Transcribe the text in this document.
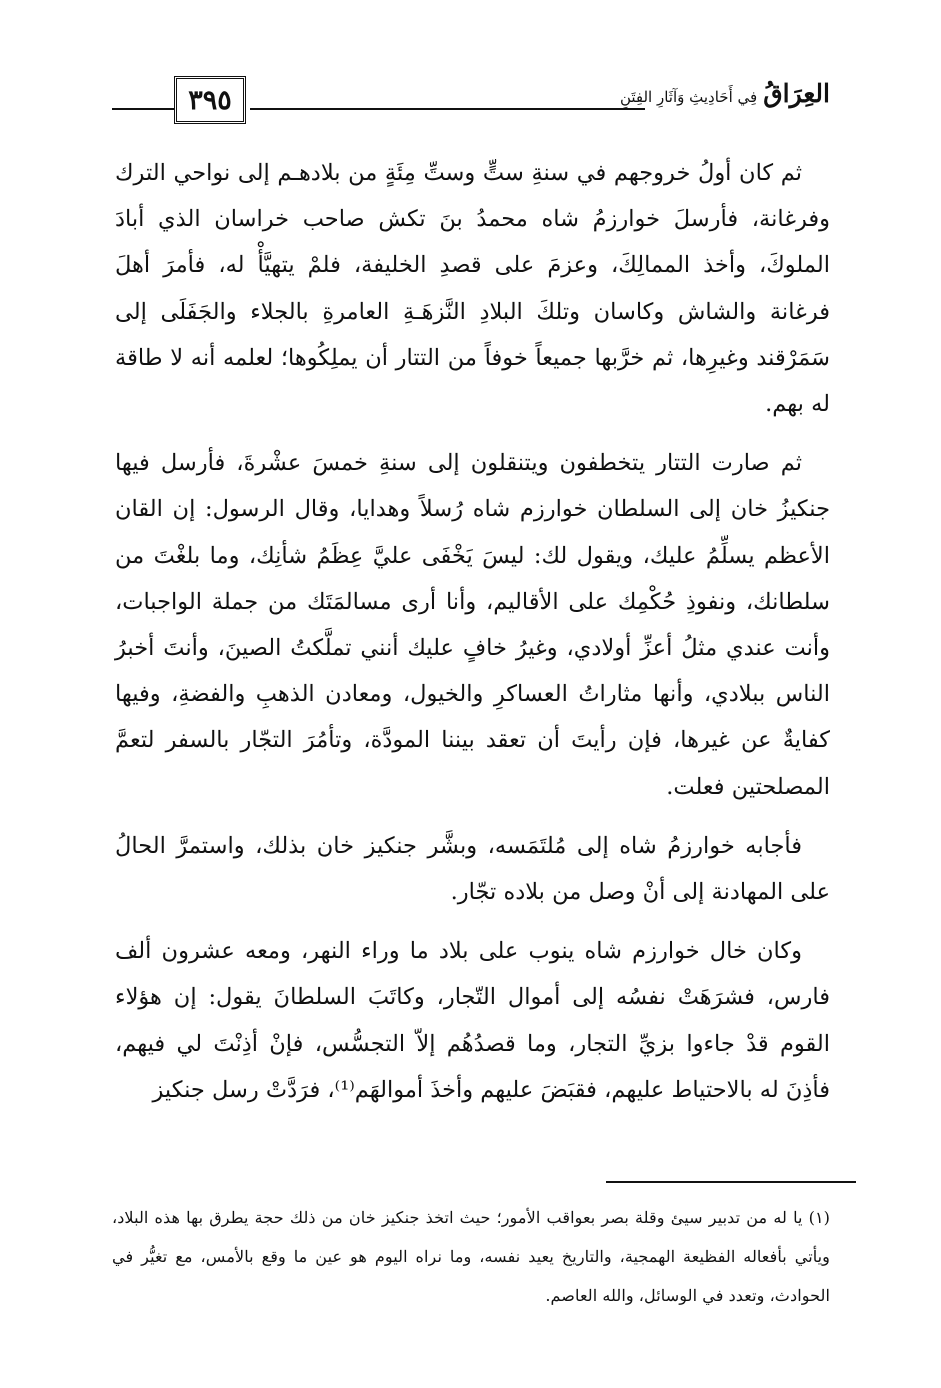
٣٩٥	العِرَاقُ فِي أَحَادِيثِ وَآثَارِ الفِتَنِ

ثم كان أولُ خروجهم في سنةِ ستٍّ وستِّ مِئَةٍ من بلادهـم إلى نواحي الترك وفرغانة، فأرسلَ خوارزمُ شاه محمدُ بنَ تكش صاحب خراسان الذي أبادَ الملوكَ، وأخذ الممالِكَ، وعزمَ على قصدِ الخليفة، فلمْ يتهيَّأْ له، فأمرَ أهلَ فرغانة والشاش وكاسان وتلكَ البلادِ النَّزهَـةِ العامرةِ بالجلاء والجَفَلَى إلى سَمَرْقند وغيرِها، ثم خرَّبها جميعاً خوفاً من التتار أن يملِكُوها؛ لعلمه أنه لا طاقة له بهم.

ثم صارت التتار يتخطفون ويتنقلون إلى سنةِ خمسَ عشْرةَ، فأرسل فيها جنكيزُ خان إلى السلطان خوارزم شاه رُسلاً وهدايا، وقال الرسول: إن القان الأعظم يسلِّمُ عليك، ويقول لك: ليسَ يَخْفَى عليَّ عِظَمُ شأنِك، وما بلغْتَ من سلطانك، ونفوذِ حُكْمِك على الأقاليم، وأنا أرى مسالمَتَك من جملة الواجبات، وأنت عندي مثلُ أعزِّ أولادي، وغيرُ خافٍ عليك أنني تملَّكتُ الصينَ، وأنتَ أخبرُ الناس ببلادي، وأنها مثاراتُ العساكرِ والخيول، ومعادن الذهبِ والفضةِ، وفيها كفايةٌ عن غيرها، فإن رأيتَ أن تعقد بيننا المودَّة، وتأمُرَ التجّار بالسفر لتعمَّ المصلحتين فعلت.

فأجابه خوارزمُ شاه إلى مُلتَمَسه، وبشَّر جنكيز خان بذلك، واستمرَّ الحالُ على المهادنة إلى أنْ وصل من بلاده تجّار.

وكان خال خوارزم شاه ينوب على بلاد ما وراء النهر، ومعه عشرون ألف فارس، فشرَهَتْ نفسُه إلى أموال التّجار، وكاتَبَ السلطانَ يقول: إن هؤلاء القوم قدْ جاءوا بزيِّ التجار، وما قصدُهُم إلاّ التجسُّس، فإنْ أذِنْتَ لي فيهم، فأذِنَ له بالاحتياط عليهم، فقبَضَ عليهم وأخذَ أموالهَم⁽¹⁾، فرَدَّتْ رسل جنكيز

(١) يا له من تدبير سيئ وقلة بصر بعواقب الأمور؛ حيث اتخذ جنكيز خان من ذلك حجة يطرق بها هذه البلاد، ويأتي بأفعاله الفظيعة الهمجية، والتاريخ يعيد نفسه، وما نراه اليوم هو عين ما وقع بالأمس، مع تغيُّر في الحوادث، وتعدد في الوسائل، والله العاصم.
